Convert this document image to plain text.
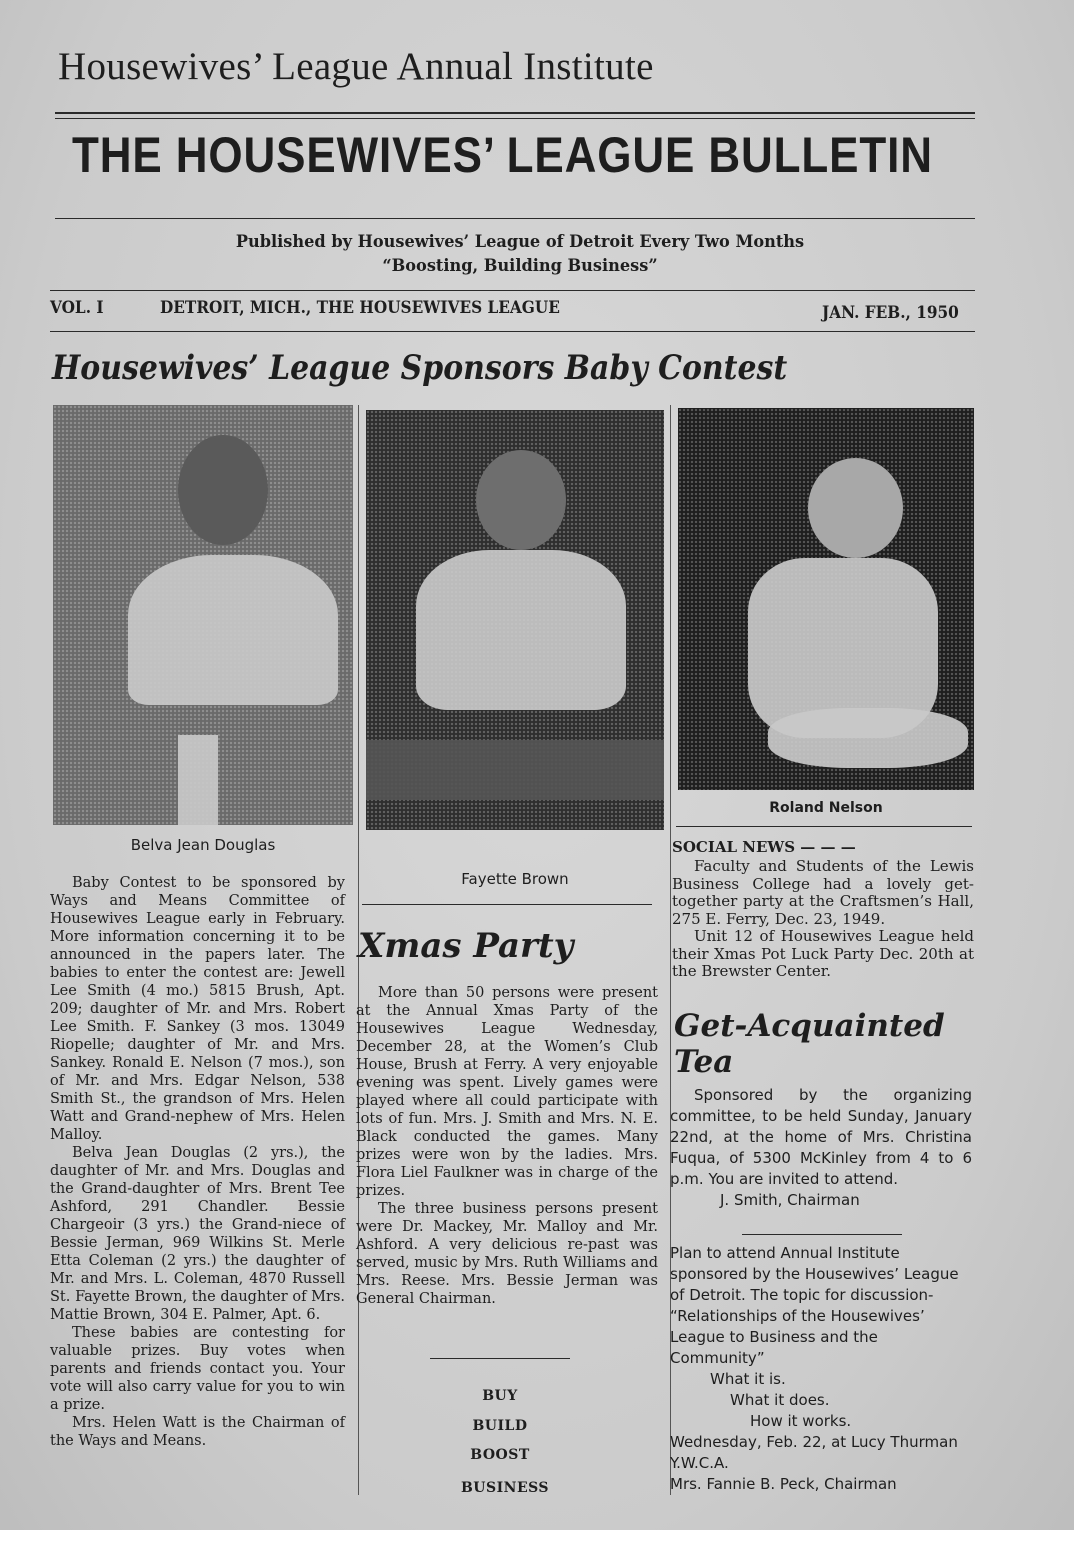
Housewives’ League Annual Institute
THE HOUSEWIVES’ LEAGUE BULLETIN
Published by Housewives’ League of Detroit Every Two Months
“Boosting, Building Business”
VOL. I	DETROIT, MICH., THE HOUSEWIVES LEAGUE	JAN. FEB., 1950
Housewives’ League Sponsors Baby Contest
Belva Jean Douglas
Fayette Brown
Roland Nelson

Baby Contest to be sponsored by Ways and Means Committee of Housewives League early in February. More information concerning it to be announced in the papers later. The babies to enter the contest are: Jewell Lee Smith (4 mo.) 5815 Brush, Apt. 209; daughter of Mr. and Mrs. Robert Lee Smith. F. Sankey (3 mos. 13049 Riopelle; daughter of Mr. and Mrs. Sankey. Ronald E. Nelson (7 mos.), son of Mr. and Mrs. Edgar Nelson, 538 Smith St., the grandson of Mrs. Helen Watt and Grand-nephew of Mrs. Helen Malloy.

Belva Jean Douglas (2 yrs.), the daughter of Mr. and Mrs. Douglas and the Grand-daughter of Mrs. Brent Tee Ashford, 291 Chandler. Bessie Chargeoir (3 yrs.) the Grand-niece of Bessie Jerman, 969 Wilkins St. Merle Etta Coleman (2 yrs.) the daughter of Mr. and Mrs. L. Coleman, 4870 Russell St. Fayette Brown, the daughter of Mrs. Mattie Brown, 304 E. Palmer, Apt. 6.

These babies are contesting for valuable prizes. Buy votes when parents and friends contact you. Your vote will also carry value for you to win a prize.

Mrs. Helen Watt is the Chairman of the Ways and Means.

Xmas Party

More than 50 persons were present at the Annual Xmas Party of the Housewives League Wednesday, December 28, at the Women’s Club House, Brush at Ferry. A very enjoyable evening was spent. Lively games were played where all could participate with lots of fun. Mrs. J. Smith and Mrs. N. E. Black conducted the games. Many prizes were won by the ladies. Mrs. Flora Liel Faulkner was in charge of the prizes.

The three business persons present were Dr. Mackey, Mr. Malloy and Mr. Ashford. A very delicious re-past was served, music by Mrs. Ruth Williams and Mrs. Reese. Mrs. Bessie Jerman was General Chairman.

BUY
BUILD
BOOST
BUSINESS
SOCIAL NEWS — — —

Faculty and Students of the Lewis Business College had a lovely get-together party at the Craftsmen’s Hall, 275 E. Ferry, Dec. 23, 1949.

Unit 12 of Housewives League held their Xmas Pot Luck Party Dec. 20th at the Brewster Center.

Get-Acquainted Tea

Sponsored by the organizing committee, to be held Sunday, January 22nd, at the home of Mrs. Christina Fuqua, of 5300 McKinley from 4 to 6 p.m. You are invited to attend.

J. Smith, Chairman

Plan to attend Annual Institute sponsored by the Housewives’ League of Detroit. The topic for discussion- “Relationships of the Housewives’ League to Business and the Community”

What it is.

What it does.

How it works.

Wednesday, Feb. 22, at Lucy Thurman Y.W.C.A.

Mrs. Fannie B. Peck, Chairman
